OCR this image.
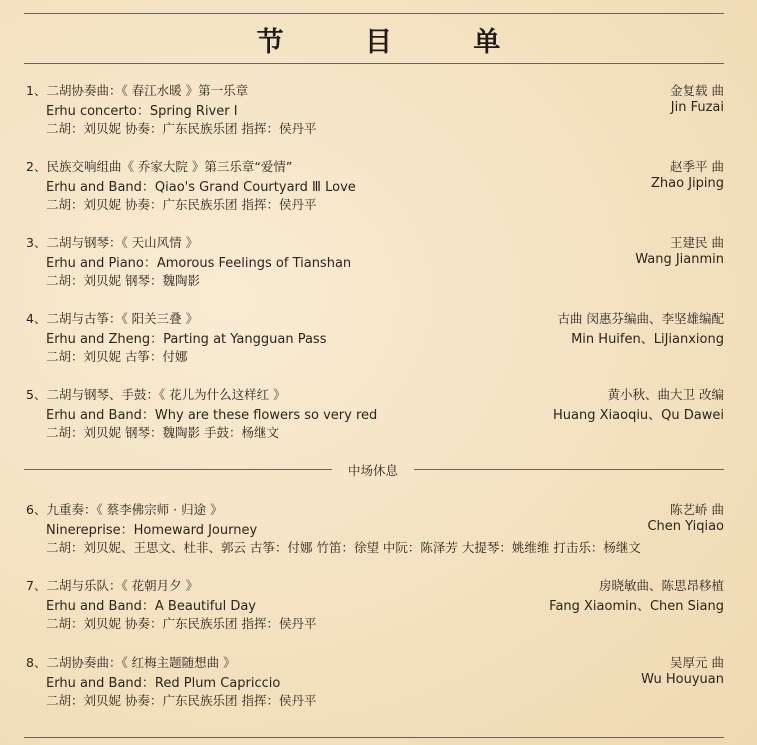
节 目 单
1、二胡协奏曲：《 春江水暖 》第一乐章
Erhu concerto：Spring River Ⅰ
二胡：刘贝妮 协奏：广东民族乐团 指挥：侯丹平
金复载 曲
Jin Fuzai
2、民族交响组曲《 乔家大院 》第三乐章“爱情”
Erhu and Band：Qiao's Grand Courtyard Ⅲ Love
二胡：刘贝妮 协奏：广东民族乐团 指挥：侯丹平
赵季平 曲
Zhao Jiping
3、二胡与钢琴：《 天山风情 》
Erhu and Piano：Amorous Feelings of Tianshan
二胡：刘贝妮 钢琴：魏陶影
王建民 曲
Wang Jianmin
4、二胡与古筝：《 阳关三叠 》
Erhu and Zheng：Parting at Yangguan Pass
二胡：刘贝妮 古筝：付娜
古曲 闵惠芬编曲、李坚雄编配
Min Huifen、LiJianxiong
5、二胡与钢琴、手鼓：《 花儿为什么这样红 》
Erhu and Band：Why are these flowers so very red
二胡：刘贝妮 钢琴：魏陶影 手鼓：杨继文
黄小秋、曲大卫 改编
Huang Xiaoqiu、Qu Dawei
中场休息
6、九重奏：《 蔡李佛宗师 · 归途 》
Ninereprise：Homeward Journey
二胡：刘贝妮、王思文、杜非、郭云 古筝：付娜 竹笛：徐望 中阮：陈泽芳 大提琴：姚维维 打击乐：杨继文
陈艺峤 曲
Chen Yiqiao
7、二胡与乐队：《 花朝月夕 》
Erhu and Band：A Beautiful Day
二胡：刘贝妮 协奏：广东民族乐团 指挥：侯丹平
房晓敏曲、陈思昂移植
Fang Xiaomin、Chen Siang
8、二胡协奏曲：《 红梅主题随想曲 》
Erhu and Band：Red Plum Capriccio
二胡：刘贝妮 协奏：广东民族乐团 指挥：侯丹平
吴厚元 曲
Wu Houyuan
